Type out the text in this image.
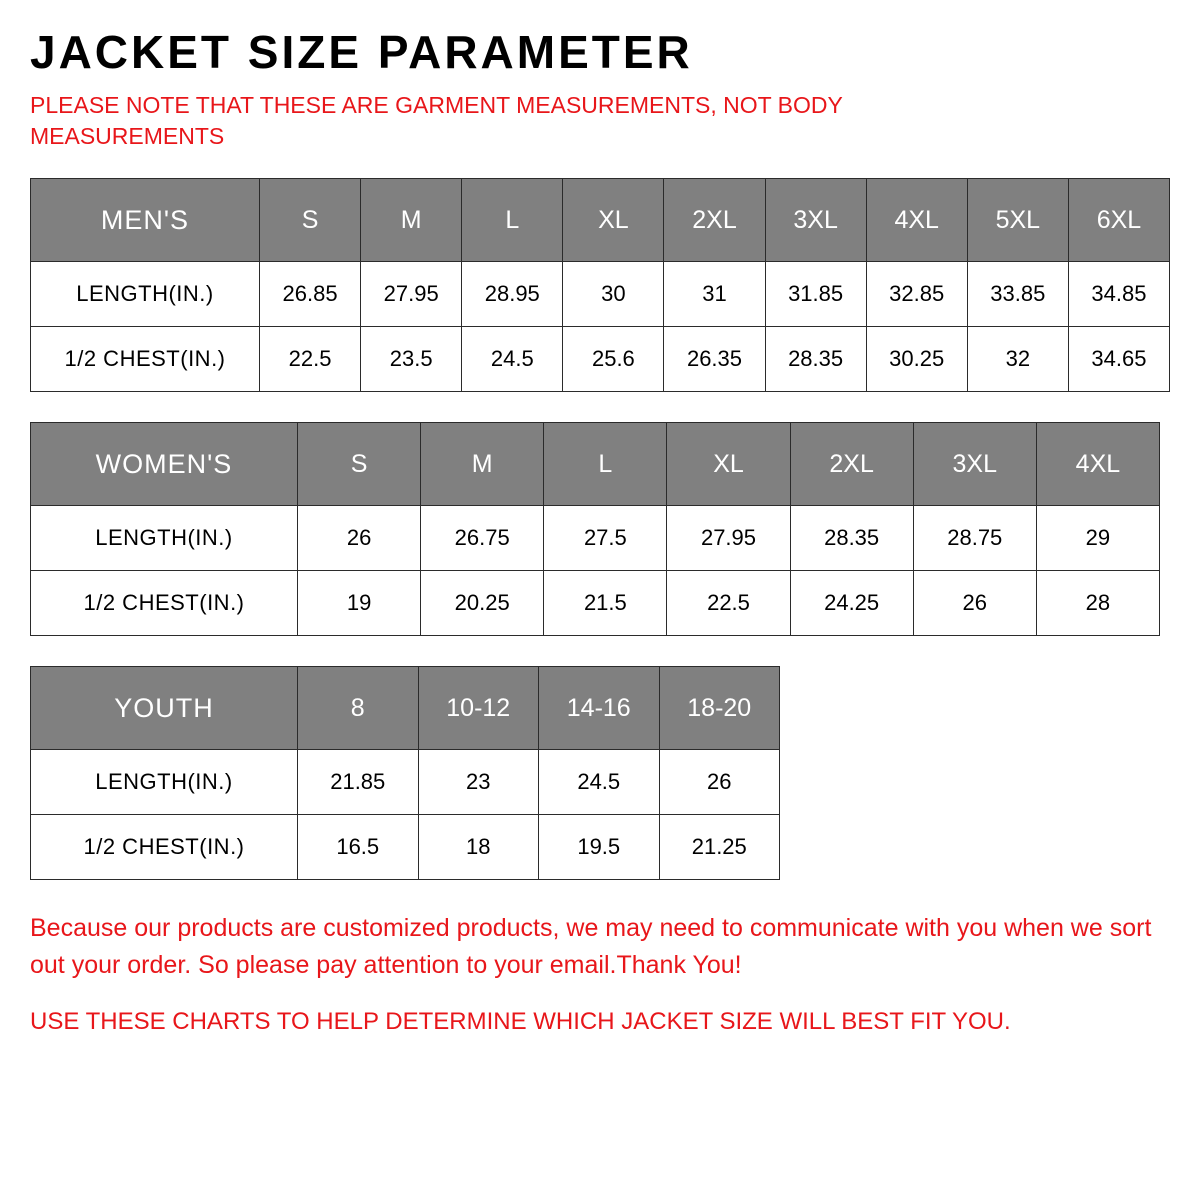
JACKET SIZE PARAMETER

PLEASE NOTE THAT THESE ARE GARMENT MEASUREMENTS, NOT BODY MEASUREMENTS

MEN'S	S	M	L	XL	2XL	3XL	4XL	5XL	6XL
LENGTH(IN.)	26.85	27.95	28.95	30	31	31.85	32.85	33.85	34.85
1/2 CHEST(IN.)	22.5	23.5	24.5	25.6	26.35	28.35	30.25	32	34.65
WOMEN'S	S	M	L	XL	2XL	3XL	4XL
LENGTH(IN.)	26	26.75	27.5	27.95	28.35	28.75	29
1/2 CHEST(IN.)	19	20.25	21.5	22.5	24.25	26	28
YOUTH	8	10-12	14-16	18-20
LENGTH(IN.)	21.85	23	24.5	26
1/2 CHEST(IN.)	16.5	18	19.5	21.25

Because our products are customized products, we may need to communicate with you when we sort out your order. So please pay attention to your email.Thank You!

USE THESE CHARTS TO HELP DETERMINE WHICH JACKET SIZE WILL BEST FIT YOU.
